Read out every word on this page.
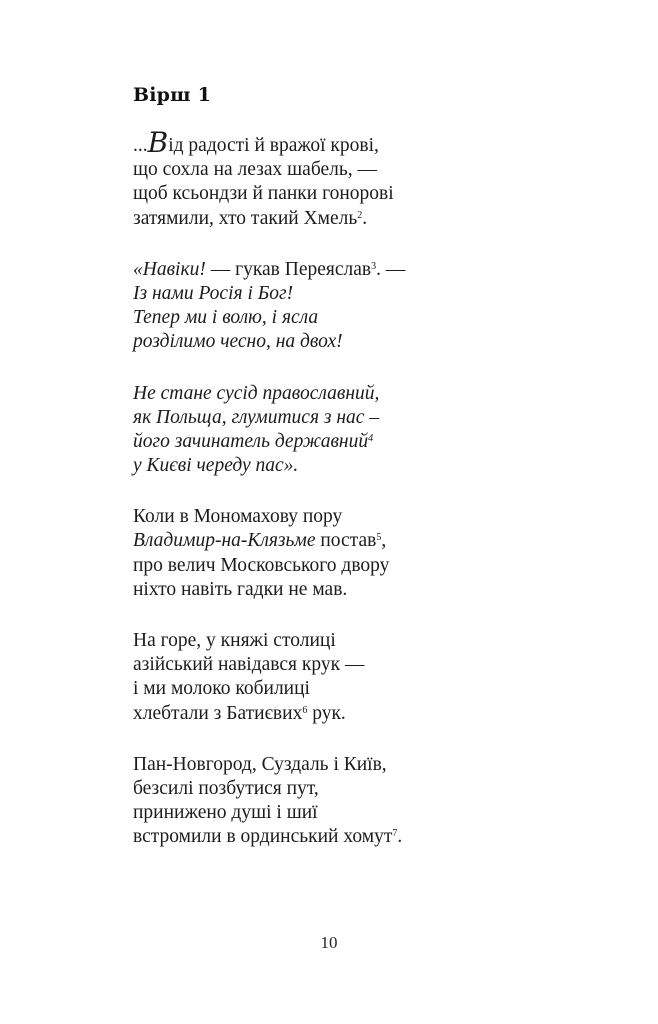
Вірш 1
...Від радості й вражої крові,
що сохла на лезах шабель, —
щоб ксьондзи й панки гонорові
затямили, хто такий Хмель$^2$.
«Навіки! — гукав Переяслав$^3$. —
Із нами Росія і Бог!
Тепер ми і волю, і ясла
розділимо чесно, на двох!
Не стане сусід православний,
як Польща, глумитися з нас –
його зачинатель державний$^4$
у Києві череду пас».
Коли в Мономахову пору
Владимир-на-Клязьме постав$^5$,
про велич Московського двору
ніхто навіть гадки не мав.
На горе, у княжі столиці
азійський навідався крук —
і ми молоко кобилиці
хлебтали з Батиєвих$^6$ рук.
Пан-Новгород, Суздаль і Київ,
безсилі позбутися пут,
принижено душі і шиї
встромили в ординський хомут$^7$.
10
